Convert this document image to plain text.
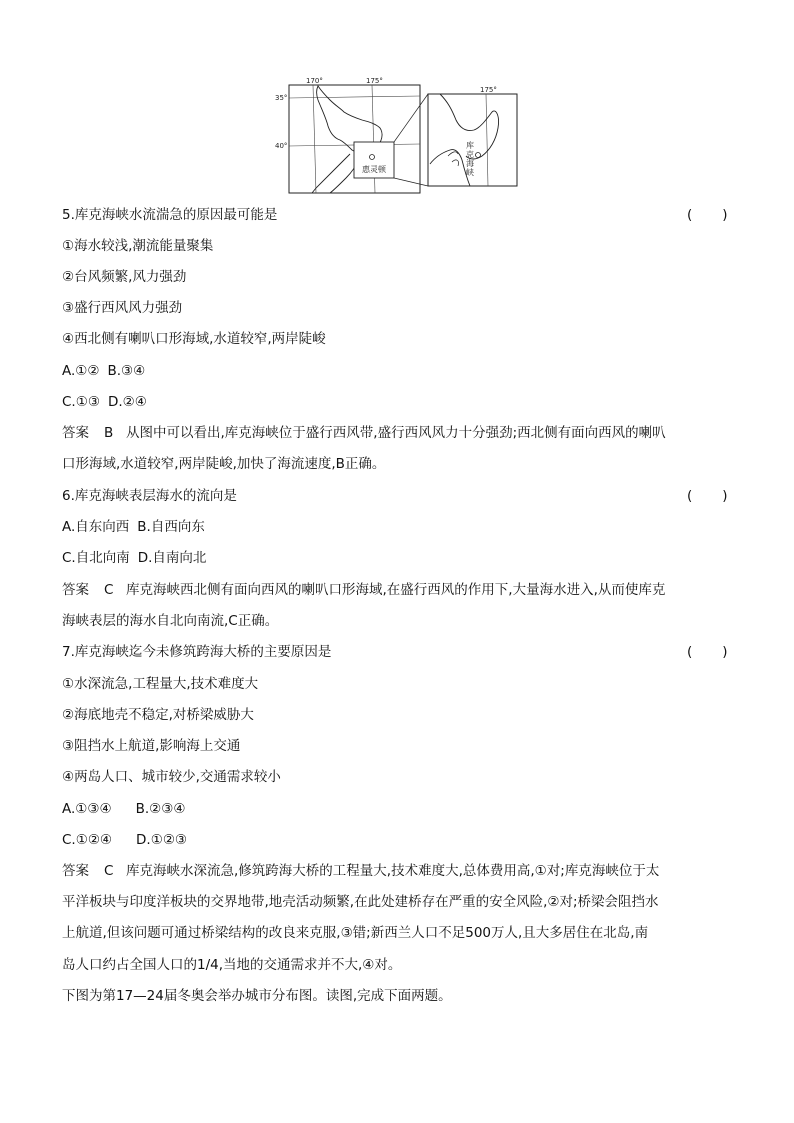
170°	175°
35°
40°
惠灵顿
175°
库
克
海
峡
5.库克海峡水流湍急的原因最可能是	(       )
①海水较浅,潮流能量聚集
②台风频繁,风力强劲
③盛行西风风力强劲
④西北侧有喇叭口形海域,水道较窄,两岸陡峻
A.①② B.③④
C.①③ D.②④
答案 B 从图中可以看出,库克海峡位于盛行西风带,盛行西风风力十分强劲;西北侧有面向西风的喇叭
口形海域,水道较窄,两岸陡峻,加快了海流速度,B正确。
6.库克海峡表层海水的流向是	(       )
A.自东向西 B.自西向东
C.自北向南 D.自南向北
答案 C 库克海峡西北侧有面向西风的喇叭口形海域,在盛行西风的作用下,大量海水进入,从而使库克
海峡表层的海水自北向南流,C正确。
7.库克海峡迄今未修筑跨海大桥的主要原因是	(       )
①水深流急,工程量大,技术难度大
②海底地壳不稳定,对桥梁威胁大
③阻挡水上航道,影响海上交通
④两岛人口、城市较少,交通需求较小
A.①③④ B.②③④
C.①②④ D.①②③
答案 C 库克海峡水深流急,修筑跨海大桥的工程量大,技术难度大,总体费用高,①对;库克海峡位于太
平洋板块与印度洋板块的交界地带,地壳活动频繁,在此处建桥存在严重的安全风险,②对;桥梁会阻挡水
上航道,但该问题可通过桥梁结构的改良来克服,③错;新西兰人口不足500万人,且大多居住在北岛,南
岛人口约占全国人口的1/4,当地的交通需求并不大,④对。
下图为第17—24届冬奥会举办城市分布图。读图,完成下面两题。
